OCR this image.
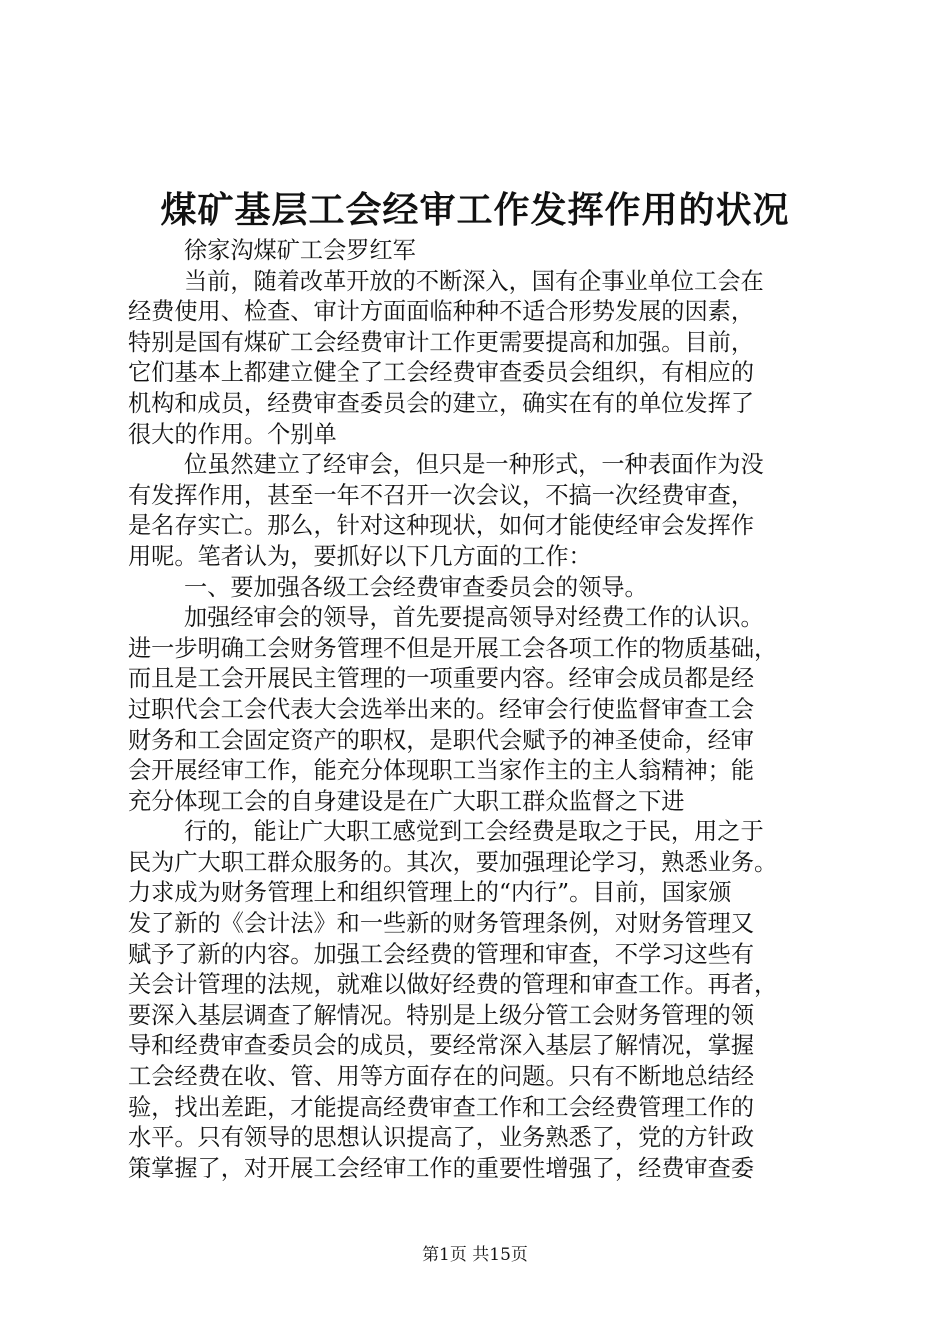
煤矿基层工会经审工作发挥作用的状况
徐家沟煤矿工会罗红军
当前，随着改革开放的不断深入，国有企事业单位工会在
经费使用、检查、审计方面面临种种不适合形势发展的因素，
特别是国有煤矿工会经费审计工作更需要提高和加强。目前，
它们基本上都建立健全了工会经费审查委员会组织，有相应的
机构和成员，经费审查委员会的建立，确实在有的单位发挥了
很大的作用。个别单
位虽然建立了经审会，但只是一种形式，一种表面作为没
有发挥作用，甚至一年不召开一次会议，不搞一次经费审查，
是名存实亡。那么，针对这种现状，如何才能使经审会发挥作
用呢。笔者认为，要抓好以下几方面的工作：
一、要加强各级工会经费审查委员会的领导。
加强经审会的领导，首先要提高领导对经费工作的认识。
进一步明确工会财务管理不但是开展工会各项工作的物质基础，
而且是工会开展民主管理的一项重要内容。经审会成员都是经
过职代会工会代表大会选举出来的。经审会行使监督审查工会
财务和工会固定资产的职权，是职代会赋予的神圣使命，经审
会开展经审工作，能充分体现职工当家作主的主人翁精神；能
充分体现工会的自身建设是在广大职工群众监督之下进
行的，能让广大职工感觉到工会经费是取之于民，用之于
民为广大职工群众服务的。其次，要加强理论学习，熟悉业务。
力求成为财务管理上和组织管理上的“内行”。目前，国家颁
发了新的《会计法》和一些新的财务管理条例，对财务管理又
赋予了新的内容。加强工会经费的管理和审查，不学习这些有
关会计管理的法规，就难以做好经费的管理和审查工作。再者，
要深入基层调查了解情况。特别是上级分管工会财务管理的领
导和经费审查委员会的成员，要经常深入基层了解情况，掌握
工会经费在收、管、用等方面存在的问题。只有不断地总结经
验，找出差距，才能提高经费审查工作和工会经费管理工作的
水平。只有领导的思想认识提高了，业务熟悉了，党的方针政
策掌握了，对开展工会经审工作的重要性增强了，经费审查委
第1页 共15页
